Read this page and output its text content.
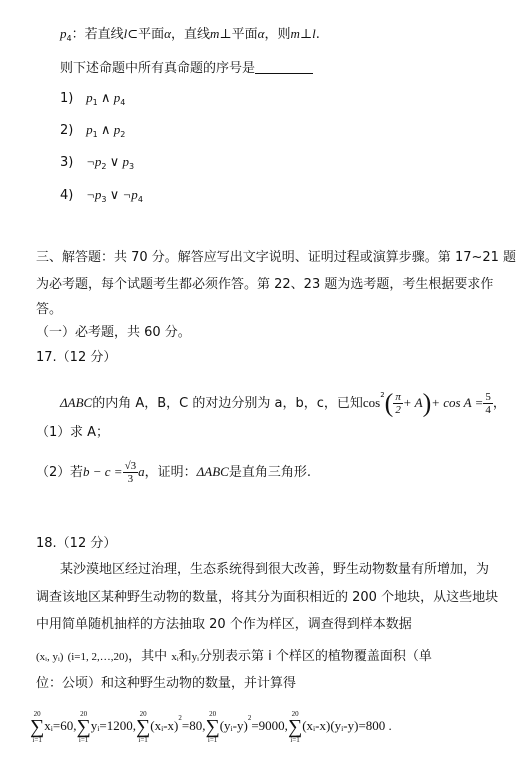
$p_4$：若直线l⊂平面α，直线m⊥平面α，则m⊥l.
则下述命题中所有真命题的序号是
1) $p_1$ ∧ $p_4$
2) $p_1$ ∧ $p_2$
3) $\neg p_2$ ∨ $p_3$
4) $\neg p_3$ ∨ $\neg p_4$
三、解答题：共 70 分。解答应写出文字说明、证明过程或演算步骤。第 17~21 题
为必考题，每个试题考生都必须作答。第 22、23 题为选考题，考生根据要求作
答。
（一）必考题，共 60 分。
17.（12 分）
ΔABC的内角 A，B，C 的对边分别为 a，b，c，已知$\cos^2( \frac{\pi}{2} + A)+ \cos A = \frac{5}{4}$ ，
（1）求 A；
（2）若$b - c = \frac{√3}{3}$ a，证明：ΔABC是直角三角形.
18.（12 分）
某沙漠地区经过治理，生态系统得到很大改善，野生动物数量有所增加，为
调查该地区某种野生动物的数量，将其分为面积相近的 200 个地块，从这些地块
中用简单随机抽样的方法抽取 20 个作为样区，调查得到样本数据
(xᵢ, yᵢ) (i=1, 2,…,20)，其中 xᵢ和yᵢ分别表示第 i 个样区的植物覆盖面积（单
位：公顷）和这种野生动物的数量，并计算得
20
∑
i=1
xᵢ=60,
20
∑
i=1
yᵢ=1200,
20
∑
i=1
(xᵢ-x)$^2$=80,
20
∑
i=1
(yᵢ-y)$^2$=9000,
20
∑
i=1
(xᵢ-x)(yᵢ-y)=800 .
